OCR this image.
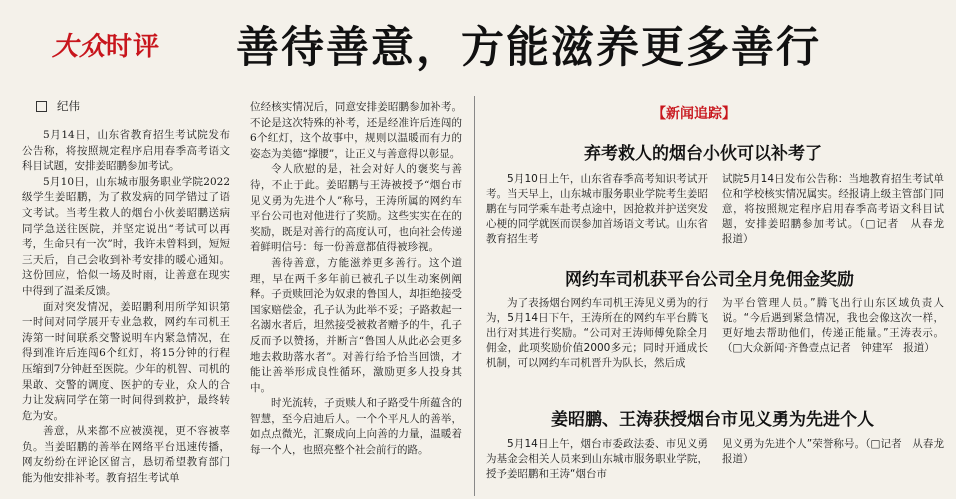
大众时评 善待善意，方能滋养更多善行
纪伟

5月14日，山东省教育招生考试院发布公告称，将按照规定程序启用春季高考语文科目试题，安排姜昭鹏参加考试。

5月10日，山东城市服务职业学院2022级学生姜昭鹏，为了救发病的同学错过了语文考试。当考生救人的烟台小伙姜昭鹏送病同学急送往医院，并坚定说出“考试可以再考，生命只有一次”时，我许未曾料到，短短三天后，自己会收到补考安排的暖心通知。这份回应，恰似一场及时雨，让善意在现实中得到了温柔反馈。

面对突发情况，姜昭鹏利用所学知识第一时间对同学展开专业急救，网约车司机王涛第一时间联系交警说明车内紧急情况，在得到准许后连闯6个红灯，将15分钟的行程压缩到7分钟赶至医院。少年的机智、司机的果敢、交警的调度、医护的专业，众人的合力让发病同学在第一时间得到救护，最终转危为安。

善意，从来都不应被漠视，更不容被辜负。当姜昭鹏的善举在网络平台迅速传播，网友纷纷在评论区留言，恳切希望教育部门能为他安排补考。教育招生考试单

位经核实情况后，同意安排姜昭鹏参加补考。不论是这次特殊的补考，还是经准许后连闯的6个红灯，这个故事中，规则以温暖而有力的姿态为美德“撑腰”，让正义与善意得以彰显。

令人欣慰的是，社会对好人的褒奖与善待，不止于此。姜昭鹏与王涛被授予“烟台市见义勇为先进个人”称号，王涛所属的网约车平台公司也对他进行了奖励。这些实实在在的奖励，既是对善行的高度认可，也向社会传递着鲜明信号：每一份善意都值得被珍视。

善待善意，方能滋养更多善行。这个道理，早在两千多年前已被孔子以生动案例阐释。子贡赎回沦为奴隶的鲁国人，却拒绝接受国家赔偿金，孔子认为此举不妥；子路救起一名溺水者后，坦然接受被救者赠予的牛，孔子反而予以赞扬，并断言“鲁国人从此必会更多地去救助落水者”。对善行给予恰当回馈，才能让善举形成良性循环，激励更多人投身其中。

时光流转，子贡赎人和子路受牛所蕴含的智慧，至今启迪后人。一个个平凡人的善举，如点点微光，汇聚成向上向善的力量，温暖着每一个人，也照亮整个社会前行的路。

【新闻追踪】
弃考救人的烟台小伙可以补考了

5月10日上午，山东省春季高考知识考试开考。当天早上，山东城市服务职业学院考生姜昭鹏在与同学乘车赴考点途中，因抢救并护送突发心梗的同学就医而误参加首场语文考试。山东省教育招生考

试院5月14日发布公告称：当地教育招生考试单位和学校核实情况属实。经报请上级主管部门同意，将按照规定程序启用春季高考语文科目试题，安排姜昭鹏参加考试。（□记者　从春龙　报道）

网约车司机获平台公司全月免佣金奖励

为了表扬烟台网约车司机王涛见义勇为的行为，5月14日下午，王涛所在的网约车平台腾飞出行对其进行奖励。“公司对王涛师傅免除全月佣金，此项奖励价值2000多元；同时开通成长机制，可以网约车司机晋升为队长，然后成

为平台管理人员。”腾飞出行山东区域负责人说。“今后遇到紧急情况，我也会像这次一样，更好地去帮助他们，传递正能量。”王涛表示。（□大众新闻·齐鲁壹点记者　钟建军　报道）

姜昭鹏、王涛获授烟台市见义勇为先进个人

5月14日上午，烟台市委政法委、市见义勇为基金会相关人员来到山东城市服务职业学院，授予姜昭鹏和王涛“烟台市

见义勇为先进个人”荣誉称号。（□记者　从春龙　报道）
